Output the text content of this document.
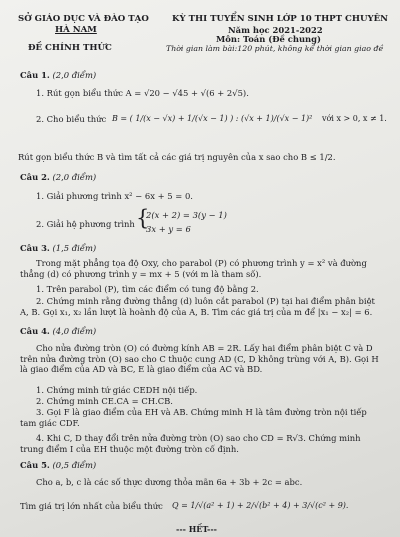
SỞ GIÁO DỤC VÀ ĐÀO TẠO
HÀ NAM
ĐỀ CHÍNH THỨC
KỲ THI TUYỂN SINH LỚP 10 THPT CHUYÊN
Năm học 2021-2022
Môn: Toán (Đề chung)
Thời gian làm bài:120 phút, không kể thời gian giao đề
Câu 1. (2,0 điểm)
1. Rút gọn biểu thức A = √20 − √45 + √(6 + 2√5).
2. Cho biểu thức B = ( 1/(x − √x) + 1/(√x − 1) ) : (√x + 1)/(√x − 1)² với x > 0, x ≠ 1.
Rút gọn biểu thức B và tìm tất cả các giá trị nguyên của x sao cho B ≤ 1/2.
Câu 2. (2,0 điểm)
1. Giải phương trình x² − 6x + 5 = 0.
2. Giải hệ phương trình {
2(x + 2) = 3(y − 1)
3x + y = 6
Câu 3. (1,5 điểm)
Trong mặt phẳng tọa độ Oxy, cho parabol (P) có phương trình y = x² và đường thẳng (d) có phương trình y = mx + 5 (với m là tham số).
1. Trên parabol (P), tìm các điểm có tung độ bằng 2.
2. Chứng minh rằng đường thẳng (d) luôn cắt parabol (P) tại hai điểm phân biệt A, B. Gọi x₁, x₂ lần lượt là hoành độ của A, B. Tìm các giá trị của m để |x₁ − x₂| = 6.
Câu 4. (4,0 điểm)
Cho nửa đường tròn (O) có đường kính AB = 2R. Lấy hai điểm phân biệt C và D trên nửa đường tròn (O) sao cho C thuộc cung AD (C, D không trùng với A, B). Gọi H là giao điểm của AD và BC, E là giao điểm của AC và BD.
1. Chứng minh tứ giác CEDH nội tiếp.
2. Chứng minh CE.CA = CH.CB.
3. Gọi F là giao điểm của EH và AB. Chứng minh H là tâm đường tròn nội tiếp tam giác CDF.
4. Khi C, D thay đổi trên nửa đường tròn (O) sao cho CD = R√3. Chứng minh trung điểm I của EH thuộc một đường tròn cố định.
Câu 5. (0,5 điểm)
Cho a, b, c là các số thực dương thỏa mãn 6a + 3b + 2c = abc.
Tìm giá trị lớn nhất của biểu thức Q = 1/√(a² + 1) + 2/√(b² + 4) + 3/√(c² + 9).
--- HẾT---
